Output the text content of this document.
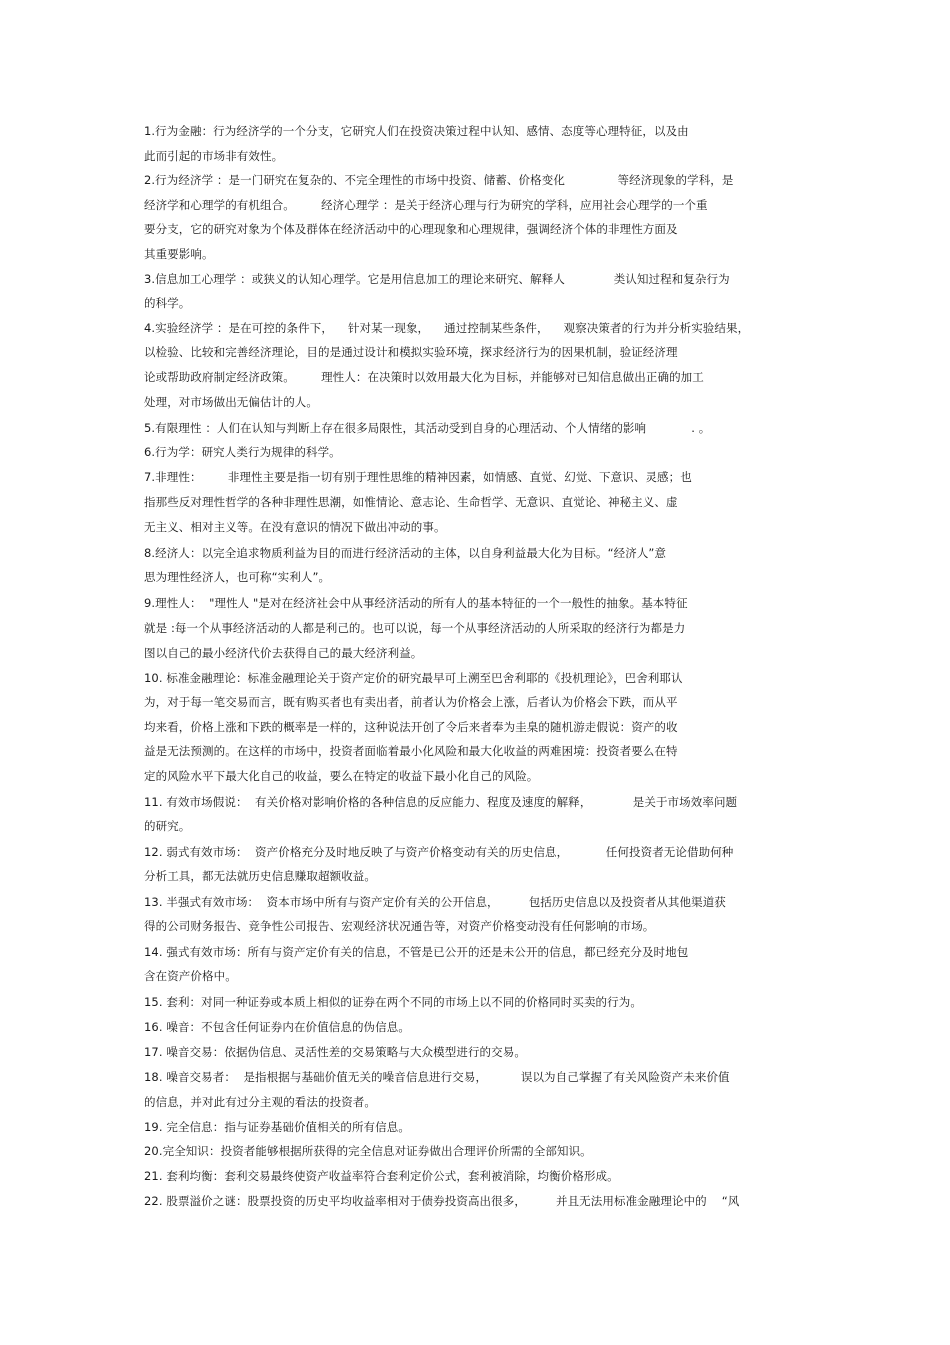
1.行为金融：行为经济学的一个分支，它研究人们在投资决策过程中认知、感情、态度等心理特征，以及由
此而引起的市场非有效性。
2.行为经济学 ：是一门研究在复杂的、不完全理性的市场中投资、储蓄、价格变化              等经济现象的学科，是
经济学和心理学的有机组合。       经济心理学 ：是关于经济心理与行为研究的学科，应用社会心理学的一个重
要分支，它的研究对象为个体及群体在经济活动中的心理现象和心理规律，强调经济个体的非理性方面及
其重要影响。
3.信息加工心理学 ：或狭义的认知心理学。它是用信息加工的理论来研究、解释人             类认知过程和复杂行为
的科学。
4.实验经济学 ：是在可控的条件下，    针对某一现象，    通过控制某些条件，    观察决策者的行为并分析实验结果，
以检验、比较和完善经济理论，目的是通过设计和模拟实验环境，探求经济行为的因果机制，验证经济理
论或帮助政府制定经济政策。       理性人：在决策时以效用最大化为目标，并能够对已知信息做出正确的加工
处理，对市场做出无偏估计的人。
5.有限理性 ：人们在认知与判断上存在很多局限性，其活动受到自身的心理活动、个人情绪的影响            . 。
6.行为学：研究人类行为规律的科学。
7.非理性：       非理性主要是指一切有别于理性思维的精神因素，如情感、直觉、幻觉、下意识、灵感；也
指那些反对理性哲学的各种非理性思潮，如惟情论、意志论、生命哲学、无意识、直觉论、神秘主义、虚
无主义、相对主义等。在没有意识的情况下做出冲动的事。
8.经济人：以完全追求物质利益为目的而进行经济活动的主体，以自身利益最大化为目标。“经济人”意
思为理性经济人，也可称“实利人”。
9.理性人：  "理性人 "是对在经济社会中从事经济活动的所有人的基本特征的一个一般性的抽象。基本特征
就是 :每一个从事经济活动的人都是利己的。也可以说，每一个从事经济活动的人所采取的经济行为都是力
图以自己的最小经济代价去获得自己的最大经济利益。
10. 标准金融理论：标准金融理论关于资产定价的研究最早可上溯至巴舍利耶的《投机理论》，巴舍利耶认
为，对于每一笔交易而言，既有购买者也有卖出者，前者认为价格会上涨，后者认为价格会下跌，而从平
均来看，价格上涨和下跌的概率是一样的，这种说法开创了令后来者奉为圭臬的随机游走假说：资产的收
益是无法预测的。在这样的市场中，投资者面临着最小化风险和最大化收益的两难困境：投资者要么在特
定的风险水平下最大化自己的收益，要么在特定的收益下最小化自己的风险。
11. 有效市场假说：  有关价格对影响价格的各种信息的反应能力、程度及速度的解释，           是关于市场效率问题
的研究。
12. 弱式有效市场：  资产价格充分及时地反映了与资产价格变动有关的历史信息，          任何投资者无论借助何种
分析工具，都无法就历史信息赚取超额收益。
13. 半强式有效市场：  资本市场中所有与资产定价有关的公开信息，        包括历史信息以及投资者从其他渠道获
得的公司财务报告、竞争性公司报告、宏观经济状况通告等，对资产价格变动没有任何影响的市场。
14. 强式有效市场：所有与资产定价有关的信息，不管是已公开的还是未公开的信息，都已经充分及时地包
含在资产价格中。
15. 套利：对同一种证券或本质上相似的证券在两个不同的市场上以不同的价格同时买卖的行为。
16. 噪音：不包含任何证券内在价值信息的伪信息。
17. 噪音交易：依据伪信息、灵活性差的交易策略与大众模型进行的交易。
18. 噪音交易者：  是指根据与基础价值无关的噪音信息进行交易，         误以为自己掌握了有关风险资产未来价值
的信息，并对此有过分主观的看法的投资者。
19. 完全信息：指与证券基础价值相关的所有信息。
20.完全知识：投资者能够根据所获得的完全信息对证券做出合理评价所需的全部知识。
21. 套利均衡：套利交易最终使资产收益率符合套利定价公式，套利被消除，均衡价格形成。
22. 股票溢价之谜：股票投资的历史平均收益率相对于债券投资高出很多，        并且无法用标准金融理论中的    “风
